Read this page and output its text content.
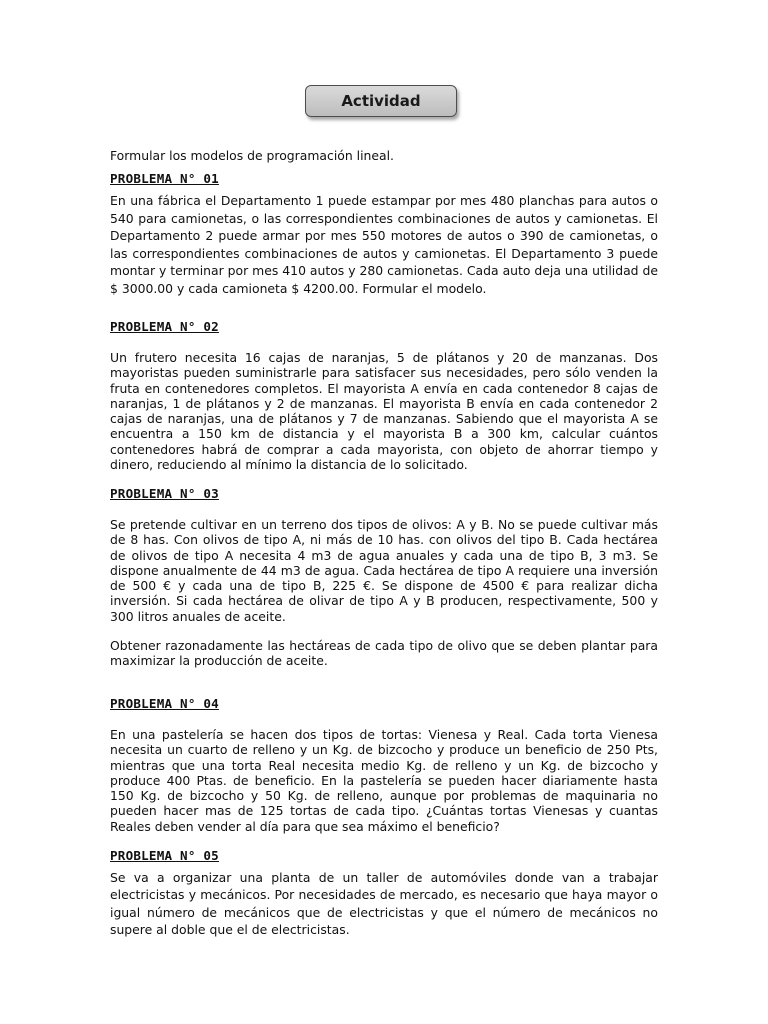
Actividad
Formular los modelos de programación lineal.
PROBLEMA N° 01

En una fábrica el Departamento 1 puede estampar por mes 480 planchas para autos o 540 para camionetas, o las correspondientes combinaciones de autos y camionetas. El Departamento 2 puede armar por mes 550 motores de autos o 390 de camionetas, o las correspondientes combinaciones de autos y camionetas. El Departamento 3 puede montar y terminar por mes 410 autos y 280 camionetas. Cada auto deja una utilidad de $ 3000.00 y cada camioneta $ 4200.00. Formular el modelo.

PROBLEMA N° 02

Un frutero necesita 16 cajas de naranjas, 5 de plátanos y 20 de manzanas. Dos mayoristas pueden suministrarle para satisfacer sus necesidades, pero sólo venden la fruta en contenedores completos. El mayorista A envía en cada contenedor 8 cajas de naranjas, 1 de plátanos y 2 de manzanas. El mayorista B envía en cada contenedor 2 cajas de naranjas, una de plátanos y 7 de manzanas. Sabiendo que el mayorista A se encuentra a 150 km de distancia y el mayorista B a 300 km, calcular cuántos contenedores habrá de comprar a cada mayorista, con objeto de ahorrar tiempo y dinero, reduciendo al mínimo la distancia de lo solicitado.

PROBLEMA N° 03

Se pretende cultivar en un terreno dos tipos de olivos: A y B. No se puede cultivar más de 8 has. Con olivos de tipo A, ni más de 10 has. con olivos del tipo B. Cada hectárea de olivos de tipo A necesita 4 m3 de agua anuales y cada una de tipo B, 3 m3. Se dispone anualmente de 44 m3 de agua. Cada hectárea de tipo A requiere una inversión de 500 € y cada una de tipo B, 225 €. Se dispone de 4500 € para realizar dicha inversión. Si cada hectárea de olivar de tipo A y B producen, respectivamente, 500 y 300 litros anuales de aceite.

Obtener razonadamente las hectáreas de cada tipo de olivo que se deben plantar para maximizar la producción de aceite.

PROBLEMA N° 04

En una pastelería se hacen dos tipos de tortas: Vienesa y Real. Cada torta Vienesa necesita un cuarto de relleno y un Kg. de bizcocho y produce un beneficio de 250 Pts, mientras que una torta Real necesita medio Kg. de relleno y un Kg. de bizcocho y produce 400 Ptas. de beneficio. En la pastelería se pueden hacer diariamente hasta 150 Kg. de bizcocho y 50 Kg. de relleno, aunque por problemas de maquinaria no pueden hacer mas de 125 tortas de cada tipo. ¿Cuántas tortas Vienesas y cuantas Reales deben vender al día para que sea máximo el beneficio?

PROBLEMA N° 05

Se va a organizar una planta de un taller de automóviles donde van a trabajar electricistas y mecánicos. Por necesidades de mercado, es necesario que haya mayor o igual número de mecánicos que de electricistas y que el número de mecánicos no supere al doble que el de electricistas.
